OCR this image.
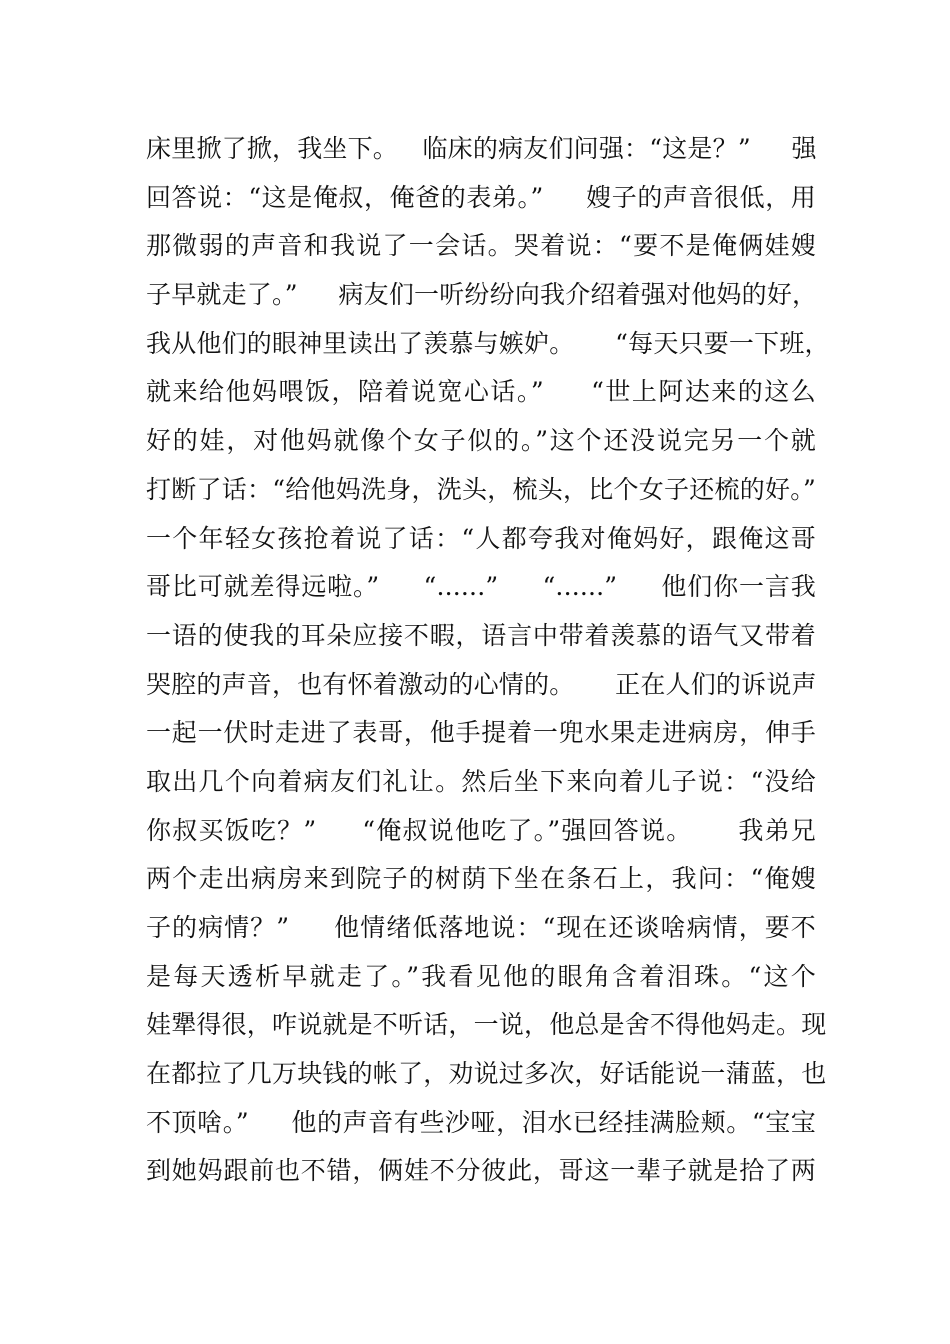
床里掀了掀，我坐下。   临床的病友们问强：“这是？”     强
回答说：“这是俺叔，俺爸的表弟。”     嫂子的声音很低，用
那微弱的声音和我说了一会话。哭着说：“要不是俺俩娃嫂
子早就走了。”     病友们一听纷纷向我介绍着强对他妈的好，
我从他们的眼神里读出了羡慕与嫉妒。     “每天只要一下班，
就来给他妈喂饭，陪着说宽心话。”     “世上阿达来的这么
好的娃，对他妈就像个女子似的。”这个还没说完另一个就
打断了话：“给他妈洗身，洗头，梳头，比个女子还梳的好。”
一个年轻女孩抢着说了话：“人都夸我对俺妈好，跟俺这哥
哥比可就差得远啦。”     “......”     “......”     他们你一言我
一语的使我的耳朵应接不暇，语言中带着羡慕的语气又带着
哭腔的声音，也有怀着激动的心情的。     正在人们的诉说声
一起一伏时走进了表哥，他手提着一兜水果走进病房，伸手
取出几个向着病友们礼让。然后坐下来向着儿子说：“没给
你叔买饭吃？”     “俺叔说他吃了。”强回答说。     我弟兄
两个走出病房来到院子的树荫下坐在条石上，我问：“俺嫂
子的病情？”     他情绪低落地说：“现在还谈啥病情，要不
是每天透析早就走了。”我看见他的眼角含着泪珠。“这个
娃犟得很，咋说就是不听话，一说，他总是舍不得他妈走。现
在都拉了几万块钱的帐了，劝说过多次，好话能说一蒲蓝，也
不顶啥。”     他的声音有些沙哑，泪水已经挂满脸颊。“宝宝
到她妈跟前也不错，俩娃不分彼此，哥这一辈子就是拾了两
